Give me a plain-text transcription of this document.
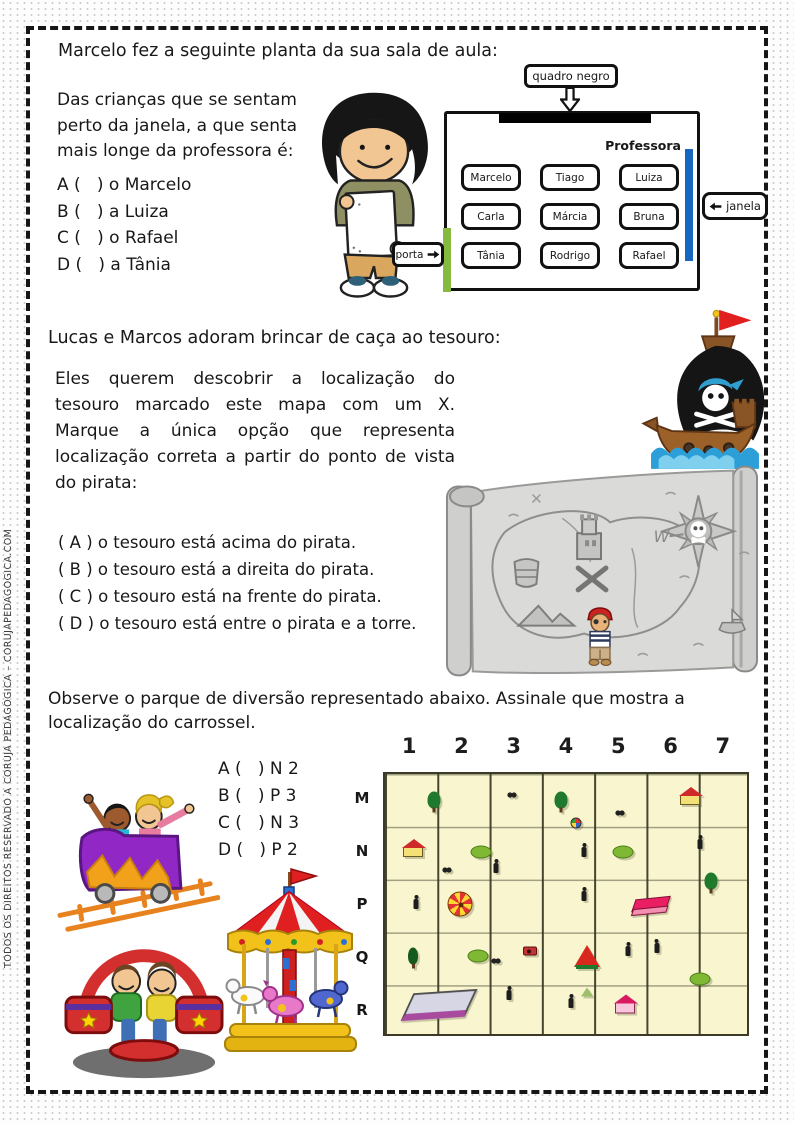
TODOS OS DIREITOS RESERVADO A CORUJA PEDAGÓGICA – CORUJAPEDAGOGICA.COM
Marcelo fez a seguinte planta da sua sala de aula:
Das crianças que se sentam
perto da janela, a que senta
mais longe da professora é:
A (   ) o Marcelo
B (   ) a Luiza
C (   ) o Rafael
D (   ) a Tânia
quadro negro
Professora
Marcelo	Tiago	Luiza
Carla	Márcia	Bruna
Tânia	Rodrigo	Rafael
porta
janela
Lucas e Marcos adoram brincar de caça ao tesouro:
Eles querem descobrir a localização do tesouro marcado este mapa com um X. Marque a única opção que representa localização correta a partir do ponto de vista do pirata:
( A ) o tesouro está acima do pirata.
( B ) o tesouro está a direita do pirata.
( C ) o tesouro está na frente do pirata.
( D ) o tesouro está entre o pirata e a torre.
W
Observe o parque de diversão representado abaixo. Assinale que mostra a
localização do carrossel.
A (   ) N 2
B (   ) P 3
C (   ) N 3
D (   ) P 2
1	2	3	4	5	6	7
M
N
P
Q
R
